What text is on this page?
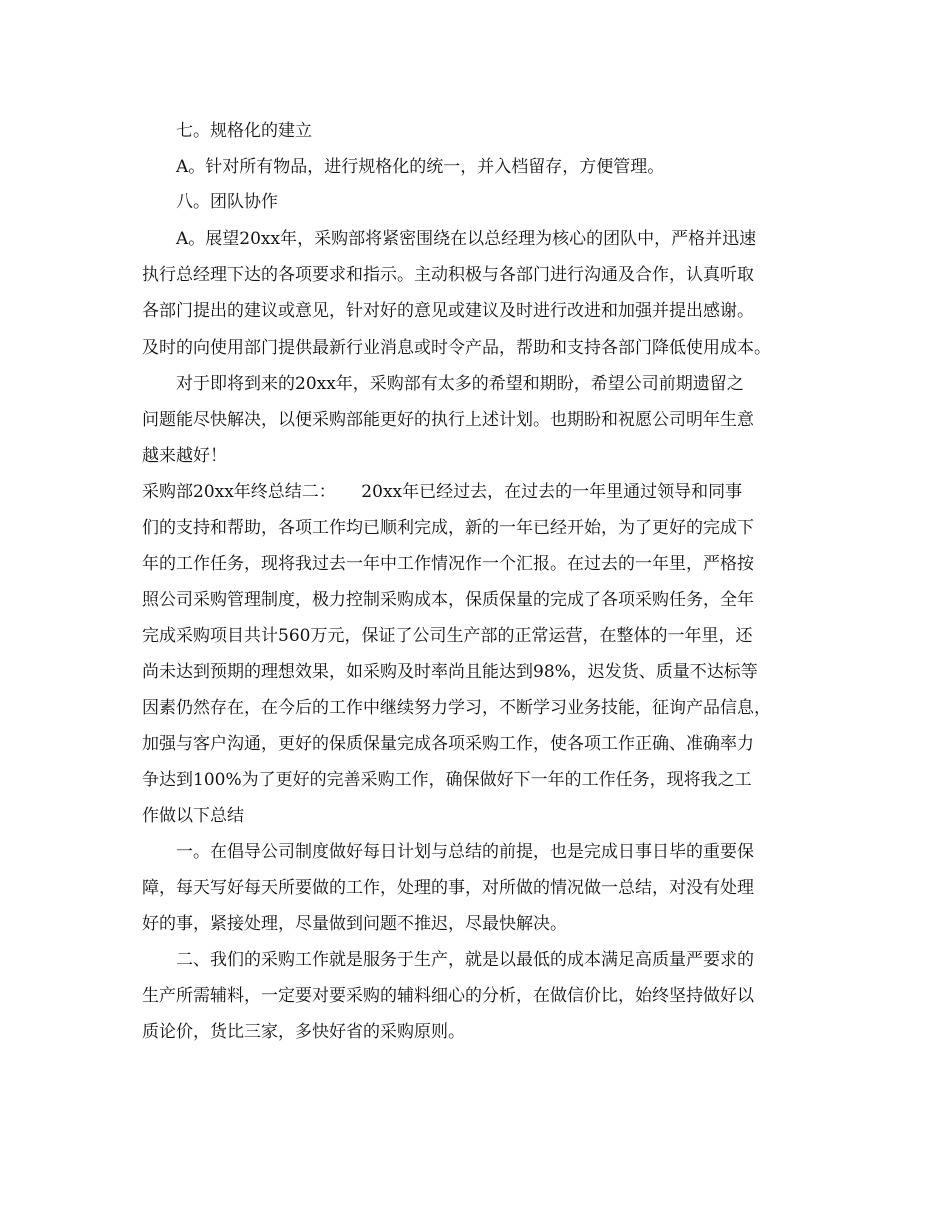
七。规格化的建立
A。针对所有物品，进行规格化的统一，并入档留存，方便管理。
八。团队协作
A。展望20xx年，采购部将紧密围绕在以总经理为核心的团队中，严格并迅速
执行总经理下达的各项要求和指示。主动积极与各部门进行沟通及合作，认真听取
各部门提出的建议或意见，针对好的意见或建议及时进行改进和加强并提出感谢。
及时的向使用部门提供最新行业消息或时令产品，帮助和支持各部门降低使用成本。
对于即将到来的20xx年，采购部有太多的希望和期盼，希望公司前期遗留之
问题能尽快解决，以便采购部能更好的执行上述计划。也期盼和祝愿公司明年生意
越来越好！
采购部20xx年终总结二：　　20xx年已经过去，在过去的一年里通过领导和同事
们的支持和帮助，各项工作均已顺利完成，新的一年已经开始，为了更好的完成下
年的工作任务，现将我过去一年中工作情况作一个汇报。在过去的一年里，严格按
照公司采购管理制度，极力控制采购成本，保质保量的完成了各项采购任务，全年
完成采购项目共计560万元，保证了公司生产部的正常运营，在整体的一年里，还
尚未达到预期的理想效果，如采购及时率尚且能达到98%，迟发货、质量不达标等
因素仍然存在，在今后的工作中继续努力学习，不断学习业务技能，征询产品信息，
加强与客户沟通，更好的保质保量完成各项采购工作，使各项工作正确、准确率力
争达到100%为了更好的完善采购工作，确保做好下一年的工作任务，现将我之工
作做以下总结
一。在倡导公司制度做好每日计划与总结的前提，也是完成日事日毕的重要保
障，每天写好每天所要做的工作，处理的事，对所做的情况做一总结，对没有处理
好的事，紧接处理，尽量做到问题不推迟，尽最快解决。
二、我们的采购工作就是服务于生产，就是以最低的成本满足高质量严要求的
生产所需辅料，一定要对要采购的辅料细心的分析，在做信价比，始终坚持做好以
质论价，货比三家，多快好省的采购原则。
